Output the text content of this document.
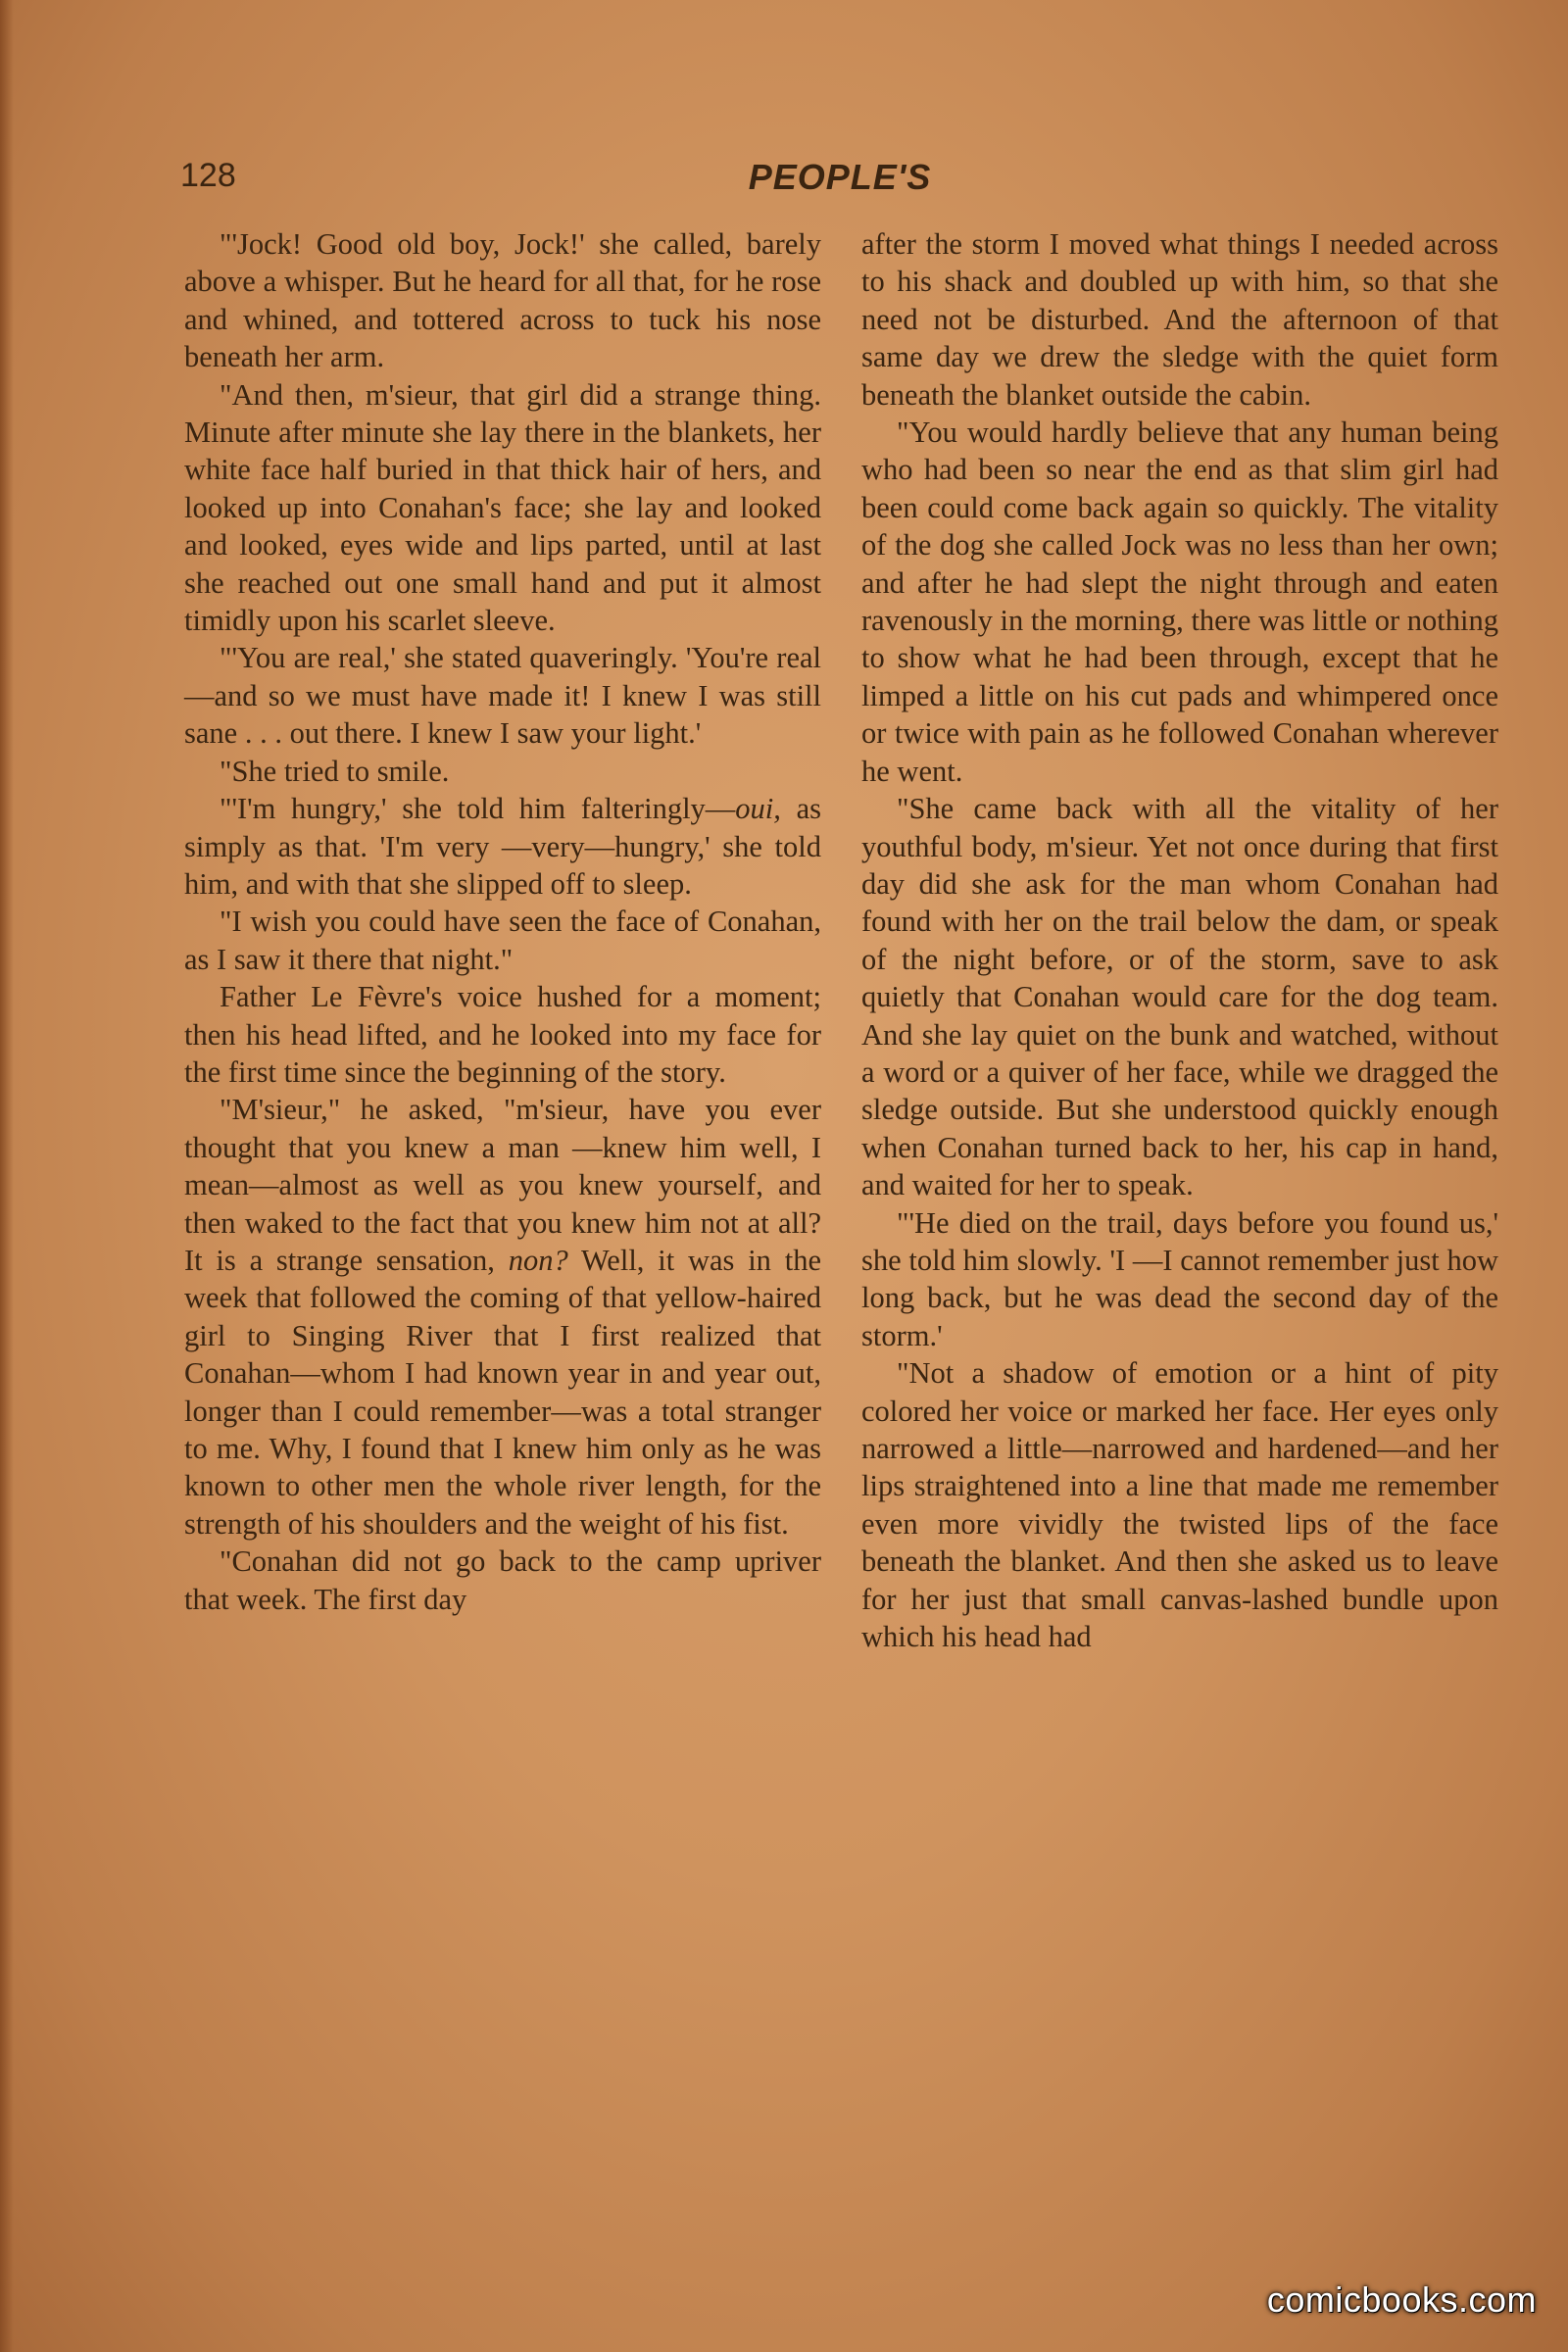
128	PEOPLE'S

"'Jock! Good old boy, Jock!' she called, barely above a whisper. But he heard for all that, for he rose and whined, and tottered across to tuck his nose beneath her arm.

"And then, m'sieur, that girl did a strange thing. Minute after minute she lay there in the blankets, her white face half buried in that thick hair of hers, and looked up into Conahan's face; she lay and looked and looked, eyes wide and lips parted, until at last she reached out one small hand and put it almost timidly upon his scarlet sleeve.

"'You are real,' she stated quaveringly. 'You're real—and so we must have made it! I knew I was still sane . . . out there. I knew I saw your light.'

"She tried to smile.

"'I'm hungry,' she told him falteringly—oui, as simply as that. 'I'm very —very—hungry,' she told him, and with that she slipped off to sleep.

"I wish you could have seen the face of Conahan, as I saw it there that night."

Father Le Fèvre's voice hushed for a moment; then his head lifted, and he looked into my face for the first time since the beginning of the story.

"M'sieur," he asked, "m'sieur, have you ever thought that you knew a man —knew him well, I mean—almost as well as you knew yourself, and then waked to the fact that you knew him not at all? It is a strange sensation, non? Well, it was in the week that followed the coming of that yellow-haired girl to Singing River that I first realized that Conahan—whom I had known year in and year out, longer than I could remember—was a total stranger to me. Why, I found that I knew him only as he was known to other men the whole river length, for the strength of his shoulders and the weight of his fist.

"Conahan did not go back to the camp upriver that week. The first day

after the storm I moved what things I needed across to his shack and doubled up with him, so that she need not be disturbed. And the afternoon of that same day we drew the sledge with the quiet form beneath the blanket outside the cabin.

"You would hardly believe that any human being who had been so near the end as that slim girl had been could come back again so quickly. The vitality of the dog she called Jock was no less than her own; and after he had slept the night through and eaten ravenously in the morning, there was little or nothing to show what he had been through, except that he limped a little on his cut pads and whimpered once or twice with pain as he followed Conahan wherever he went.

"She came back with all the vitality of her youthful body, m'sieur. Yet not once during that first day did she ask for the man whom Conahan had found with her on the trail below the dam, or speak of the night before, or of the storm, save to ask quietly that Conahan would care for the dog team. And she lay quiet on the bunk and watched, without a word or a quiver of her face, while we dragged the sledge outside. But she understood quickly enough when Conahan turned back to her, his cap in hand, and waited for her to speak.

"'He died on the trail, days before you found us,' she told him slowly. 'I —I cannot remember just how long back, but he was dead the second day of the storm.'

"Not a shadow of emotion or a hint of pity colored her voice or marked her face. Her eyes only narrowed a little—narrowed and hardened—and her lips straightened into a line that made me remember even more vividly the twisted lips of the face beneath the blanket. And then she asked us to leave for her just that small canvas-lashed bundle upon which his head had

comicbooks.com
